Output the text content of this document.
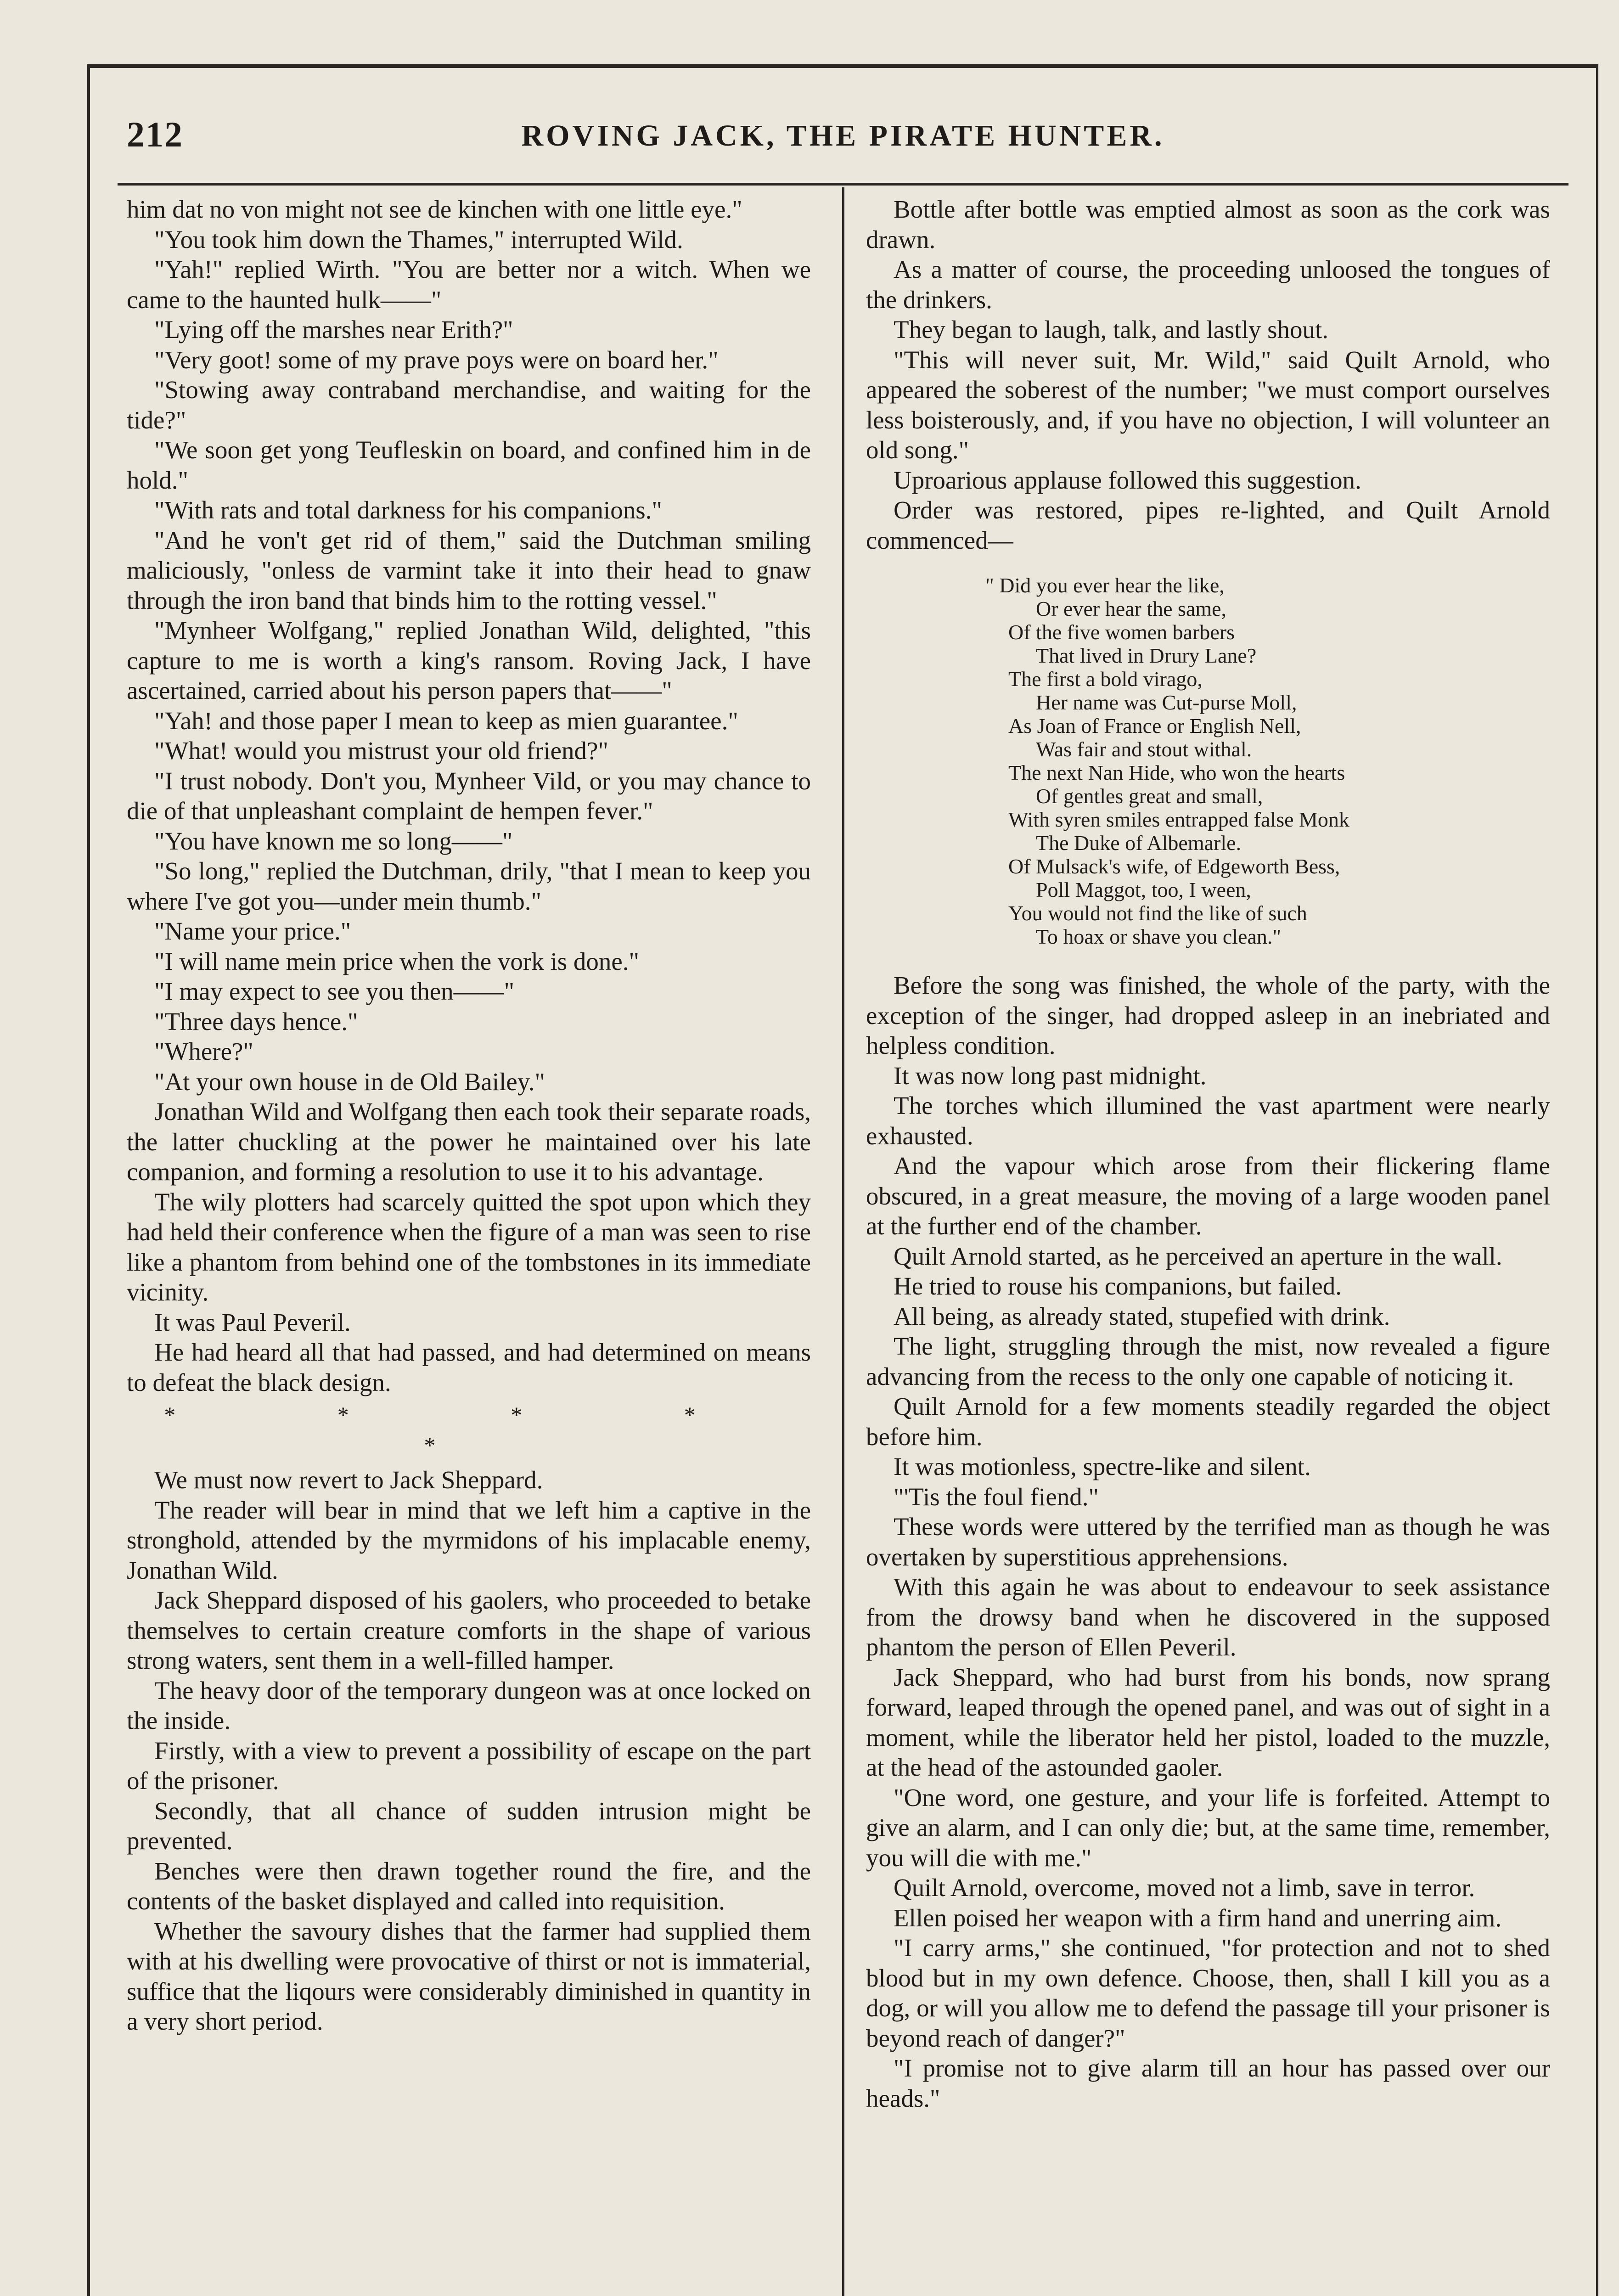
212	ROVING JACK, THE PIRATE HUNTER.

him dat no von might not see de kinchen with one little eye."

"You took him down the Thames," interrupted Wild.

"Yah!" replied Wirth. "You are better nor a witch. When we came to the haunted hulk——"

"Lying off the marshes near Erith?"

"Very goot! some of my prave poys were on board her."

"Stowing away contraband merchandise, and waiting for the tide?"

"We soon get yong Teufleskin on board, and confined him in de hold."

"With rats and total darkness for his companions."

"And he von't get rid of them," said the Dutchman smiling maliciously, "onless de varmint take it into their head to gnaw through the iron band that binds him to the rotting vessel."

"Mynheer Wolfgang," replied Jonathan Wild, delighted, "this capture to me is worth a king's ransom. Roving Jack, I have ascertained, carried about his person papers that——"

"Yah! and those paper I mean to keep as mien guarantee."

"What! would you mistrust your old friend?"

"I trust nobody. Don't you, Mynheer Vild, or you may chance to die of that unpleashant complaint de hempen fever."

"You have known me so long——"

"So long," replied the Dutchman, drily, "that I mean to keep you where I've got you—under mein thumb."

"Name your price."

"I will name mein price when the vork is done."

"I may expect to see you then——"

"Three days hence."

"Where?"

"At your own house in de Old Bailey."

Jonathan Wild and Wolfgang then each took their separate roads, the latter chuckling at the power he maintained over his late companion, and forming a resolution to use it to his advantage.

The wily plotters had scarcely quitted the spot upon which they had held their conference when the figure of a man was seen to rise like a phantom from behind one of the tombstones in its immediate vicinity.

It was Paul Peveril.

He had heard all that had passed, and had determined on means to defeat the black design.

* * * * *

We must now revert to Jack Sheppard.

The reader will bear in mind that we left him a captive in the stronghold, attended by the myrmidons of his implacable enemy, Jonathan Wild.

Jack Sheppard disposed of his gaolers, who proceeded to betake themselves to certain creature comforts in the shape of various strong waters, sent them in a well-filled hamper.

The heavy door of the temporary dungeon was at once locked on the inside.

Firstly, with a view to prevent a possibility of escape on the part of the prisoner.

Secondly, that all chance of sudden intrusion might be prevented.

Benches were then drawn together round the fire, and the contents of the basket displayed and called into requisition.

Whether the savoury dishes that the farmer had supplied them with at his dwelling were provocative of thirst or not is immaterial, suffice that the liqours were considerably diminished in quantity in a very short period.

Bottle after bottle was emptied almost as soon as the cork was drawn.

As a matter of course, the proceeding unloosed the tongues of the drinkers.

They began to laugh, talk, and lastly shout.

"This will never suit, Mr. Wild," said Quilt Arnold, who appeared the soberest of the number; "we must comport ourselves less boisterously, and, if you have no objection, I will volunteer an old song."

Uproarious applause followed this suggestion.

Order was restored, pipes re-lighted, and Quilt Arnold commenced—

" Did you ever hear the like,
Or ever hear the same,
Of the five women barbers
That lived in Drury Lane?
The first a bold virago,
Her name was Cut-purse Moll,
As Joan of France or English Nell,
Was fair and stout withal.
The next Nan Hide, who won the hearts
Of gentles great and small,
With syren smiles entrapped false Monk
The Duke of Albemarle.
Of Mulsack's wife, of Edgeworth Bess,
Poll Maggot, too, I ween,
You would not find the like of such
To hoax or shave you clean."

Before the song was finished, the whole of the party, with the exception of the singer, had dropped asleep in an inebriated and helpless condition.

It was now long past midnight.

The torches which illumined the vast apartment were nearly exhausted.

And the vapour which arose from their flickering flame obscured, in a great measure, the moving of a large wooden panel at the further end of the chamber.

Quilt Arnold started, as he perceived an aperture in the wall.

He tried to rouse his companions, but failed.

All being, as already stated, stupefied with drink.

The light, struggling through the mist, now revealed a figure advancing from the recess to the only one capable of noticing it.

Quilt Arnold for a few moments steadily regarded the object before him.

It was motionless, spectre-like and silent.

"'Tis the foul fiend."

These words were uttered by the terrified man as though he was overtaken by superstitious apprehensions.

With this again he was about to endeavour to seek assistance from the drowsy band when he discovered in the supposed phantom the person of Ellen Peveril.

Jack Sheppard, who had burst from his bonds, now sprang forward, leaped through the opened panel, and was out of sight in a moment, while the liberator held her pistol, loaded to the muzzle, at the head of the astounded gaoler.

"One word, one gesture, and your life is forfeited. Attempt to give an alarm, and I can only die; but, at the same time, remember, you will die with me."

Quilt Arnold, overcome, moved not a limb, save in terror.

Ellen poised her weapon with a firm hand and unerring aim.

"I carry arms," she continued, "for protection and not to shed blood but in my own defence. Choose, then, shall I kill you as a dog, or will you allow me to defend the passage till your prisoner is beyond reach of danger?"

"I promise not to give alarm till an hour has passed over our heads."
